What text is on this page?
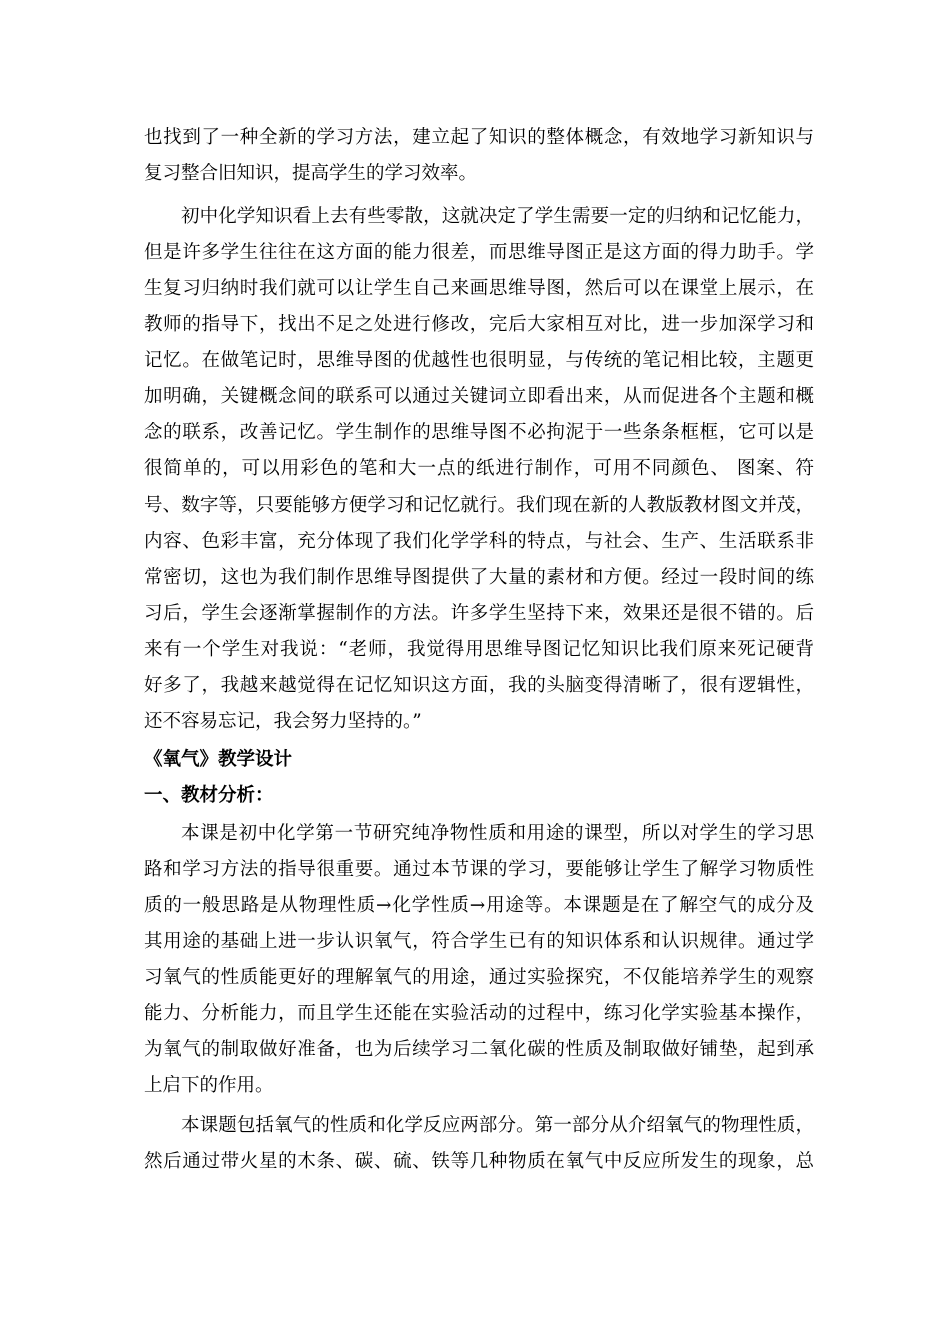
也找到了一种全新的学习方法，建立起了知识的整体概念，有效地学习新知识与
复习整合旧知识，提高学生的学习效率。
初中化学知识看上去有些零散，这就决定了学生需要一定的归纳和记忆能力，
但是许多学生往往在这方面的能力很差，而思维导图正是这方面的得力助手。学
生复习归纳时我们就可以让学生自己来画思维导图，然后可以在课堂上展示，在
教师的指导下，找出不足之处进行修改，完后大家相互对比，进一步加深学习和
记忆。在做笔记时，思维导图的优越性也很明显，与传统的笔记相比较，主题更
加明确，关键概念间的联系可以通过关键词立即看出来，从而促进各个主题和概
念的联系，改善记忆。学生制作的思维导图不必拘泥于一些条条框框，它可以是
很简单的，可以用彩色的笔和大一点的纸进行制作，可用不同颜色、 图案、符
号、数字等，只要能够方便学习和记忆就行。我们现在新的人教版教材图文并茂，
内容、色彩丰富，充分体现了我们化学学科的特点，与社会、生产、生活联系非
常密切，这也为我们制作思维导图提供了大量的素材和方便。经过一段时间的练
习后，学生会逐渐掌握制作的方法。许多学生坚持下来，效果还是很不错的。后
来有一个学生对我说：“老师，我觉得用思维导图记忆知识比我们原来死记硬背
好多了，我越来越觉得在记忆知识这方面，我的头脑变得清晰了，很有逻辑性，
还不容易忘记，我会努力坚持的。”
《氧气》教学设计
一、教材分析：
本课是初中化学第一节研究纯净物性质和用途的课型，所以对学生的学习思
路和学习方法的指导很重要。通过本节课的学习，要能够让学生了解学习物质性
质的一般思路是从物理性质→化学性质→用途等。本课题是在了解空气的成分及
其用途的基础上进一步认识氧气，符合学生已有的知识体系和认识规律。通过学
习氧气的性质能更好的理解氧气的用途，通过实验探究，不仅能培养学生的观察
能力、分析能力，而且学生还能在实验活动的过程中，练习化学实验基本操作，
为氧气的制取做好准备，也为后续学习二氧化碳的性质及制取做好铺垫，起到承
上启下的作用。
本课题包括氧气的性质和化学反应两部分。第一部分从介绍氧气的物理性质，
然后通过带火星的木条、碳、硫、铁等几种物质在氧气中反应所发生的现象，总
